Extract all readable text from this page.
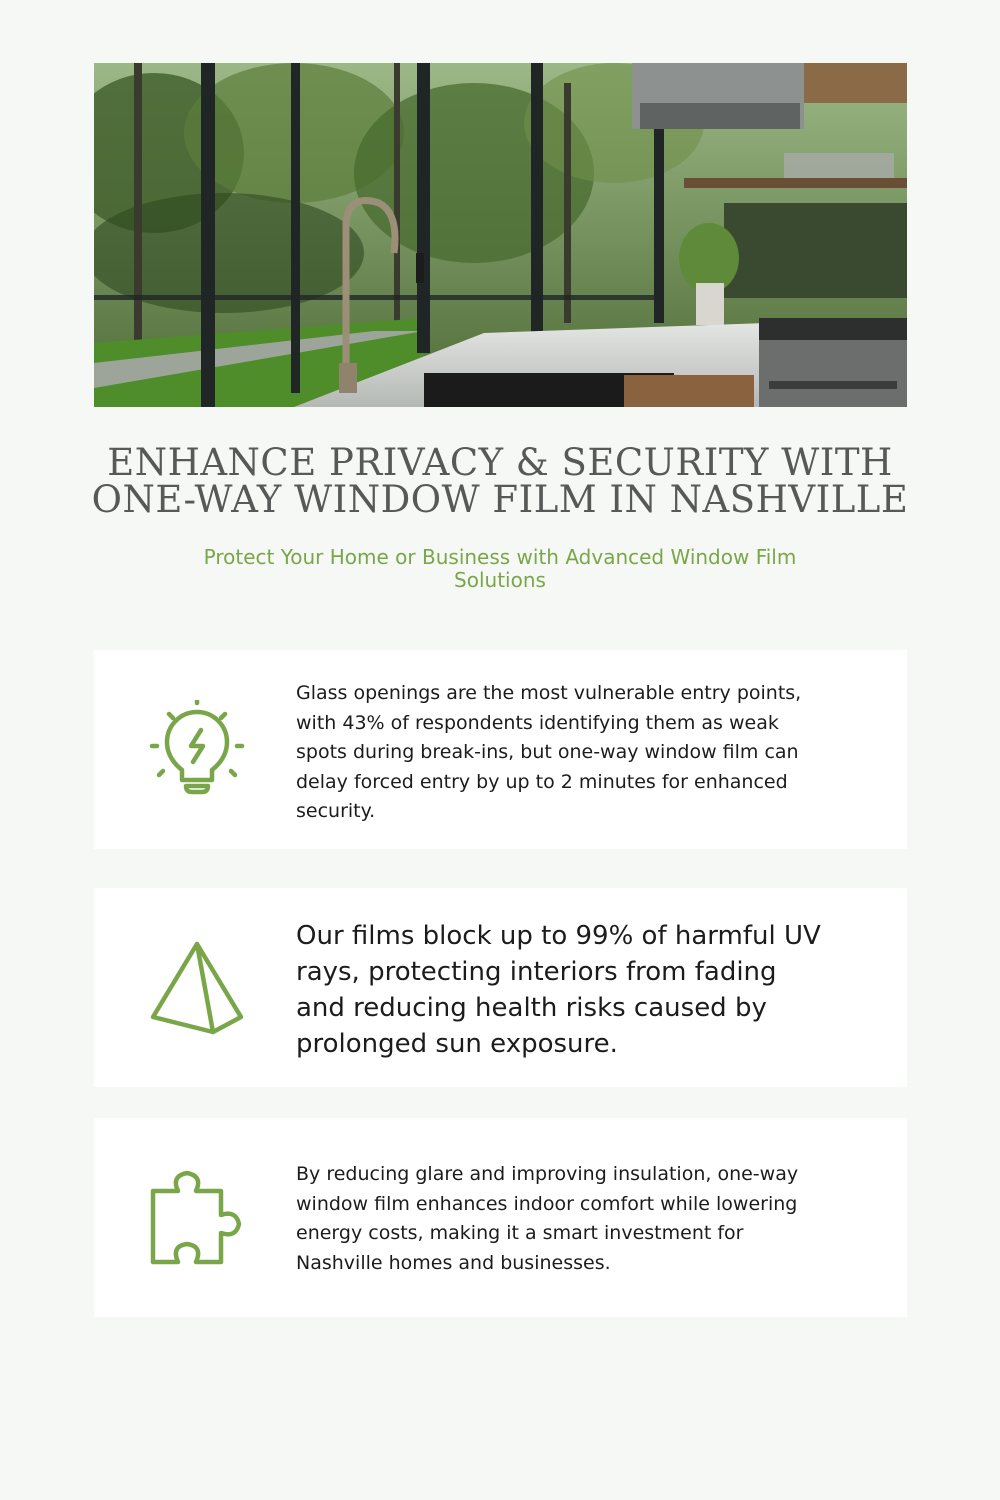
ENHANCE PRIVACY & SECURITY WITH
ONE-WAY WINDOW FILM IN NASHVILLE

Protect Your Home or Business with Advanced Window Film Solutions

Glass openings are the most vulnerable entry points, with 43% of respondents identifying them as weak spots during break-ins, but one-way window film can delay forced entry by up to 2 minutes for enhanced security.

Our films block up to 99% of harmful UV rays, protecting interiors from fading and reducing health risks caused by prolonged sun exposure.

By reducing glare and improving insulation, one-way window film enhances indoor comfort while lowering energy costs, making it a smart investment for Nashville homes and businesses.
